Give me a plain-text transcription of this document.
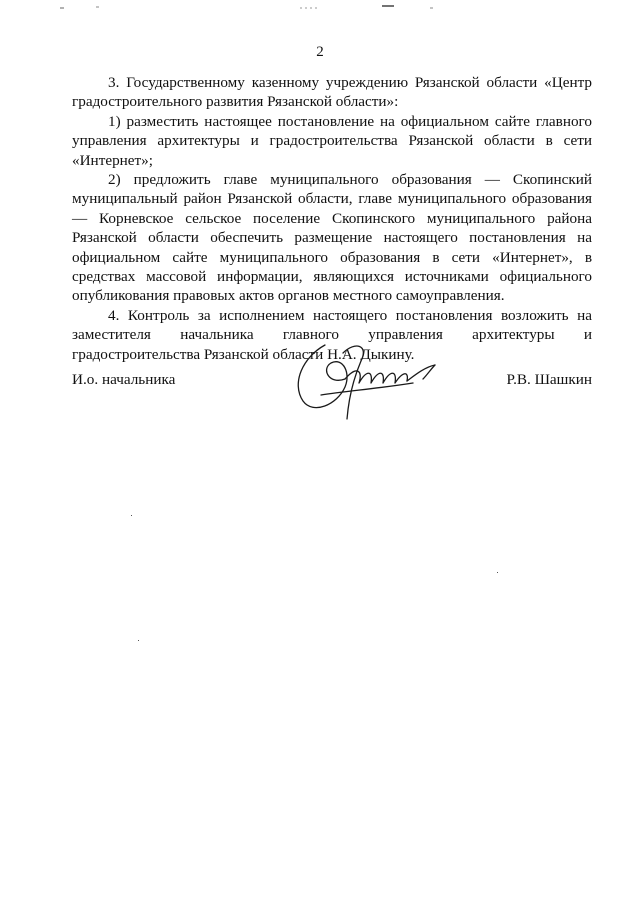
2

3. Государственному казенному учреждению Рязанской области «Центр градостроительного развития Рязанской области»:

1) разместить настоящее постановление на официальном сайте главного управления архитектуры и градостроительства Рязанской области в сети «Интернет»;

2) предложить главе муниципального образования — Скопинский муниципальный район Рязанской области, главе муниципального образования — Корневское сельское поселение Скопинского муниципального района Рязанской области обеспечить размещение настоящего постановления на официальном сайте муниципального образования в сети «Интернет», в средствах массовой информации, являющихся источниками официального опубликования правовых актов органов местного самоуправления.

4. Контроль за исполнением настоящего постановления возложить на заместителя начальника главного управления архитектуры и градостроительства Рязанской области Н.А. Дыкину.

И.о. начальника	Р.В. Шашкин
